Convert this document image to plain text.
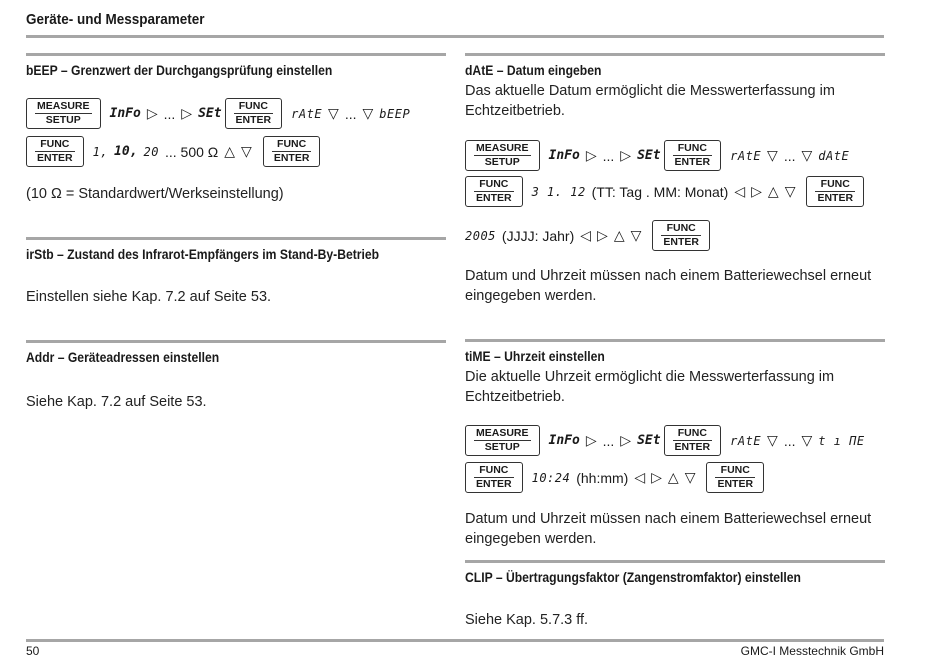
Geräte- und Messparameter
bEEP – Grenzwert der Durchgangsprüfung einstellen
MEASURE
SETUP	InFo ▷ ... ▷ SEt	FUNC
ENTER rAtE ▽ ... ▽ bEEP
FUNC
ENTER 1, 10, 20 ... 500 Ω △ ▽	FUNC
ENTER
(10 Ω = Standardwert/Werkseinstellung)
irStb – Zustand des Infrarot-Empfängers im Stand-By-Betrieb
Einstellen siehe Kap. 7.2 auf Seite 53.
Addr – Geräteadressen einstellen
Siehe Kap. 7.2 auf Seite 53.
dAtE – Datum eingeben
Das aktuelle Datum ermöglicht die Messwerterfassung im Echtzeitbetrieb.
MEASURE
SETUP	InFo ▷ ... ▷ SEt	FUNC
ENTER rAtE ▽ ... ▽ dAtE
FUNC
ENTER 3 1. 12 (TT: Tag . MM: Monat) ◁ ▷ △ ▽	FUNC
ENTER
2005 (JJJJ: Jahr) ◁ ▷ △ ▽	FUNC
ENTER
Datum und Uhrzeit müssen nach einem Batteriewechsel erneut eingegeben werden.
tiME – Uhrzeit einstellen
Die aktuelle Uhrzeit ermöglicht die Messwerterfassung im Echtzeitbetrieb.
MEASURE
SETUP	InFo ▷ ... ▷ SEt	FUNC
ENTER rAtE ▽ ... ▽ t ı ΠE
FUNC
ENTER 10:24 (hh:mm) ◁ ▷ △ ▽	FUNC
ENTER
Datum und Uhrzeit müssen nach einem Batteriewechsel erneut eingegeben werden.
CLIP – Übertragungsfaktor (Zangenstromfaktor) einstellen
Siehe Kap. 5.7.3 ff.
50	GMC-I Messtechnik GmbH
